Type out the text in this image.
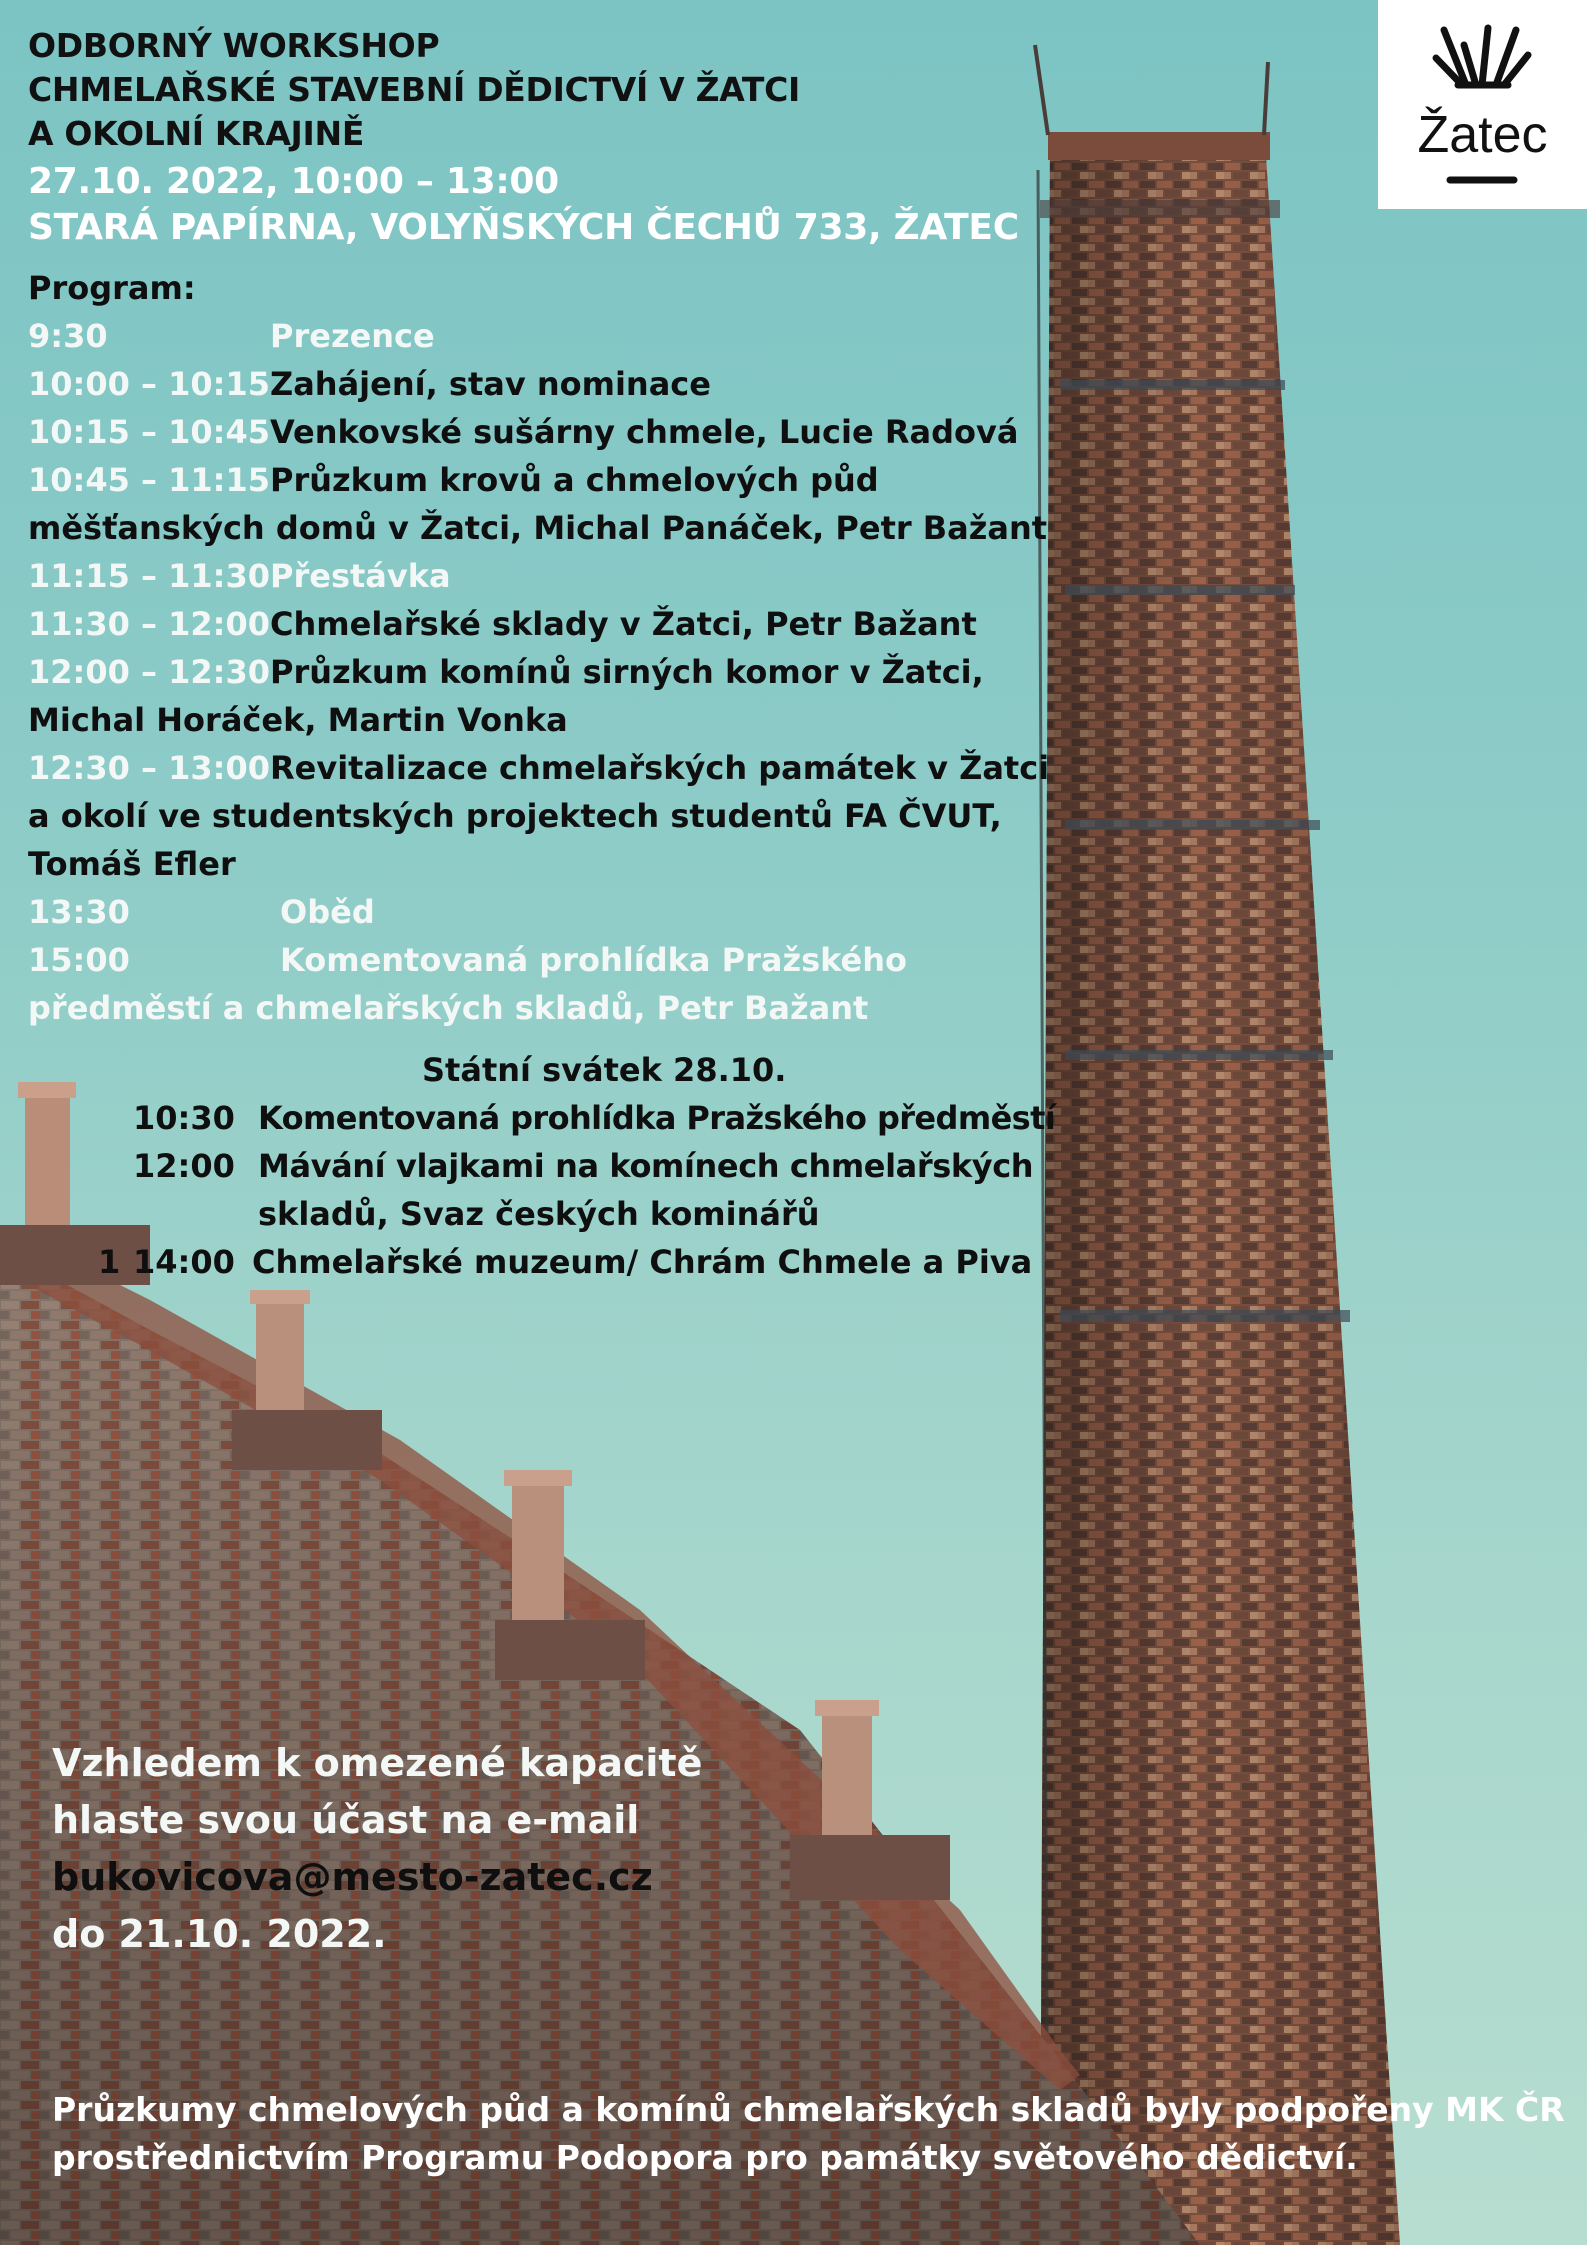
Žatec

ODBORNÝ WORKSHOP

CHMELAŘSKÉ STAVEBNÍ DĚDICTVÍ V ŽATCI

A OKOLNÍ KRAJINĚ

27.10. 2022, 10:00 – 13:00

STARÁ PAPÍRNA, VOLYŇSKÝCH ČECHŮ 733, ŽATEC

Program:

9:30	Prezence
10:00 – 10:15 Zahájení, stav nominace
10:15 – 10:45 Venkovské sušárny chmele, Lucie Radová
10:45 – 11:15 Průzkum krovů a chmelových půd
měšťanských domů v Žatci, Michal Panáček, Petr Bažant
11:15 – 11:30 Přestávka
11:30 – 12:00 Chmelařské sklady v Žatci, Petr Bažant
12:00 – 12:30 Průzkum komínů sirných komor v Žatci,
Michal Horáček, Martin Vonka
12:30 – 13:00 Revitalizace chmelařských památek v Žatci
a okolí ve studentských projektech studentů FA ČVUT,
Tomáš Efler
13:30	Oběd
15:00	Komentovaná prohlídka Pražského
předměstí a chmelařských skladů, Petr Bažant

Státní svátek 28.10.

10:30 Komentovaná prohlídka Pražského předměstí
12:00 Mávání vlajkami na komínech chmelařských
skladů, Svaz českých kominářů
1 14:00 Chmelařské muzeum/ Chrám Chmele a Piva

Vzhledem k omezené kapacitě

hlaste svou účast na e-mail

bukovicova@mesto-zatec.cz

do 21.10. 2022.

Průzkumy chmelových půd a komínů chmelařských skladů byly podpořeny MK ČR

prostřednictvím Programu Podopora pro památky světového dědictví.
